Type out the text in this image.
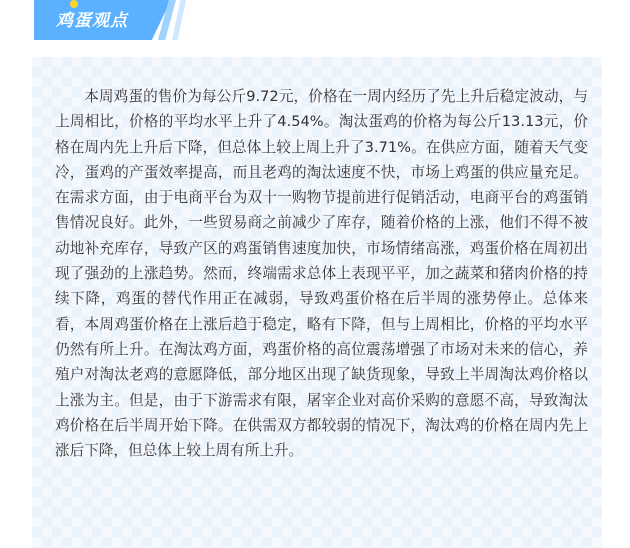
鸡蛋观点

本周鸡蛋的售价为每公斤9.72元，价格在一周内经历了先上升后稳定波动，与上周相比，价格的平均水平上升了4.54%。淘汰蛋鸡的价格为每公斤13.13元，价格在周内先上升后下降，但总体上较上周上升了3.71%。在供应方面，随着天气变冷，蛋鸡的产蛋效率提高，而且老鸡的淘汰速度不快，市场上鸡蛋的供应量充足。在需求方面，由于电商平台为双十一购物节提前进行促销活动，电商平台的鸡蛋销售情况良好。此外，一些贸易商之前减少了库存，随着价格的上涨，他们不得不被动地补充库存，导致产区的鸡蛋销售速度加快，市场情绪高涨，鸡蛋价格在周初出现了强劲的上涨趋势。然而，终端需求总体上表现平平，加之蔬菜和猪肉价格的持续下降，鸡蛋的替代作用正在减弱，导致鸡蛋价格在后半周的涨势停止。总体来看，本周鸡蛋价格在上涨后趋于稳定，略有下降，但与上周相比，价格的平均水平仍然有所上升。在淘汰鸡方面，鸡蛋价格的高位震荡增强了市场对未来的信心，养殖户对淘汰老鸡的意愿降低，部分地区出现了缺货现象，导致上半周淘汰鸡价格以上涨为主。但是，由于下游需求有限，屠宰企业对高价采购的意愿不高，导致淘汰鸡价格在后半周开始下降。在供需双方都较弱的情况下，淘汰鸡的价格在周内先上涨后下降，但总体上较上周有所上升。
